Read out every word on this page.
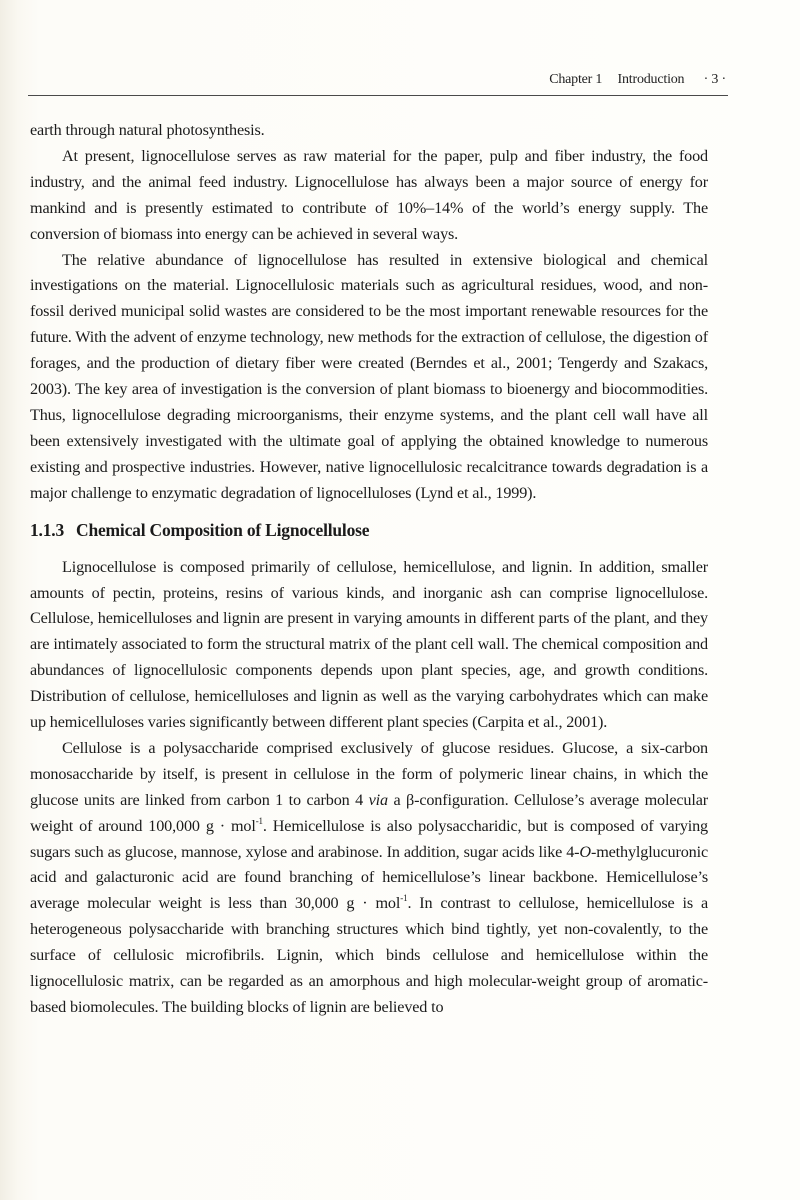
Chapter 1 Introduction · 3 ·

earth through natural photosynthesis.

At present, lignocellulose serves as raw material for the paper, pulp and fiber industry, the food industry, and the animal feed industry. Lignocellulose has always been a major source of energy for mankind and is presently estimated to contribute of 10%–14% of the world’s energy supply. The conversion of biomass into energy can be achieved in several ways.

The relative abundance of lignocellulose has resulted in extensive biological and chemical investigations on the material. Lignocellulosic materials such as agricultural residues, wood, and non-fossil derived municipal solid wastes are considered to be the most important renewable resources for the future. With the advent of enzyme technology, new methods for the extraction of cellulose, the digestion of forages, and the production of dietary fiber were created (Berndes et al., 2001; Tengerdy and Szakacs, 2003). The key area of investigation is the conversion of plant biomass to bioenergy and biocommodities. Thus, lignocellulose degrading microorganisms, their enzyme systems, and the plant cell wall have all been extensively investigated with the ultimate goal of applying the obtained knowledge to numerous existing and prospective industries. However, native lignocellulosic recalcitrance towards degradation is a major challenge to enzymatic degradation of lignocelluloses (Lynd et al., 1999).

1.1.3 Chemical Composition of Lignocellulose

Lignocellulose is composed primarily of cellulose, hemicellulose, and lignin. In addition, smaller amounts of pectin, proteins, resins of various kinds, and inorganic ash can comprise lignocellulose. Cellulose, hemicelluloses and lignin are present in varying amounts in different parts of the plant, and they are intimately associated to form the structural matrix of the plant cell wall. The chemical composition and abundances of lignocellulosic components depends upon plant species, age, and growth conditions. Distribution of cellulose, hemicelluloses and lignin as well as the varying carbohydrates which can make up hemicelluloses varies significantly between different plant species (Carpita et al., 2001).

Cellulose is a polysaccharide comprised exclusively of glucose residues. Glucose, a six-carbon monosaccharide by itself, is present in cellulose in the form of polymeric linear chains, in which the glucose units are linked from carbon 1 to carbon 4 via a β-configuration. Cellulose’s average molecular weight of around 100,000 g · mol$^{-1}$. Hemicellulose is also polysaccharidic, but is composed of varying sugars such as glucose, mannose, xylose and arabinose. In addition, sugar acids like 4-O-methylglucuronic acid and galacturonic acid are found branching of hemicellulose’s linear backbone. Hemicellulose’s average molecular weight is less than 30,000 g · mol$^{-1}$. In contrast to cellulose, hemicellulose is a heterogeneous polysaccharide with branching structures which bind tightly, yet non-covalently, to the surface of cellulosic microfibrils. Lignin, which binds cellulose and hemicellulose within the lignocellulosic matrix, can be regarded as an amorphous and high molecular-weight group of aromatic-based biomolecules. The building blocks of lignin are believed to
